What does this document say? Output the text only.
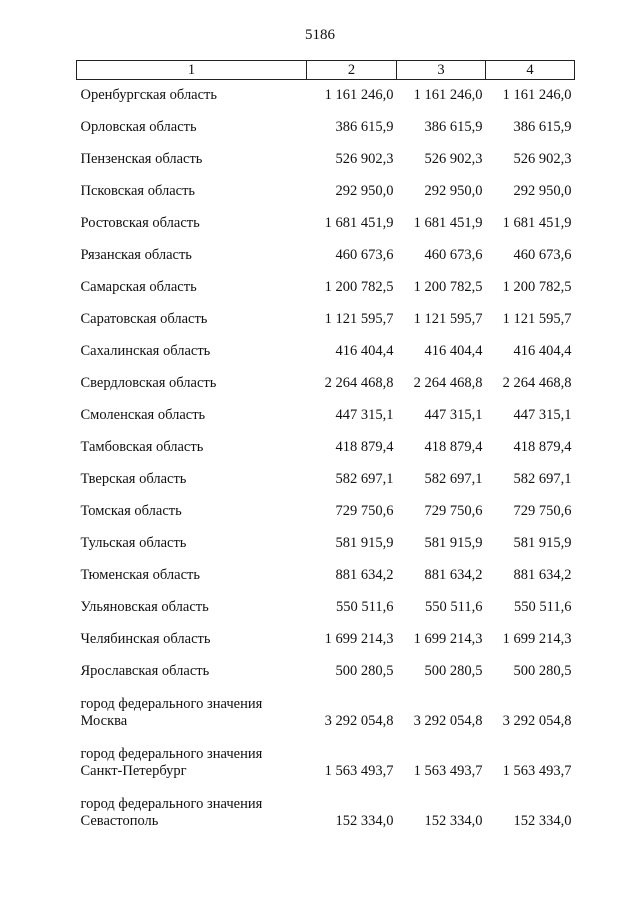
5186
1	2	3	4
Оренбургская область	1 161 246,0	1 161 246,0	1 161 246,0
Орловская область	386 615,9	386 615,9	386 615,9
Пензенская область	526 902,3	526 902,3	526 902,3
Псковская область	292 950,0	292 950,0	292 950,0
Ростовская область	1 681 451,9	1 681 451,9	1 681 451,9
Рязанская область	460 673,6	460 673,6	460 673,6
Самарская область	1 200 782,5	1 200 782,5	1 200 782,5
Саратовская область	1 121 595,7	1 121 595,7	1 121 595,7
Сахалинская область	416 404,4	416 404,4	416 404,4
Свердловская область	2 264 468,8	2 264 468,8	2 264 468,8
Смоленская область	447 315,1	447 315,1	447 315,1
Тамбовская область	418 879,4	418 879,4	418 879,4
Тверская область	582 697,1	582 697,1	582 697,1
Томская область	729 750,6	729 750,6	729 750,6
Тульская область	581 915,9	581 915,9	581 915,9
Тюменская область	881 634,2	881 634,2	881 634,2
Ульяновская область	550 511,6	550 511,6	550 511,6
Челябинская область	1 699 214,3	1 699 214,3	1 699 214,3
Ярославская область	500 280,5	500 280,5	500 280,5

город федерального значения
Москва	3 292 054,8	3 292 054,8	3 292 054,8

город федерального значения
Санкт-Петербург	1 563 493,7	1 563 493,7	1 563 493,7

город федерального значения
Севастополь	152 334,0	152 334,0	152 334,0
